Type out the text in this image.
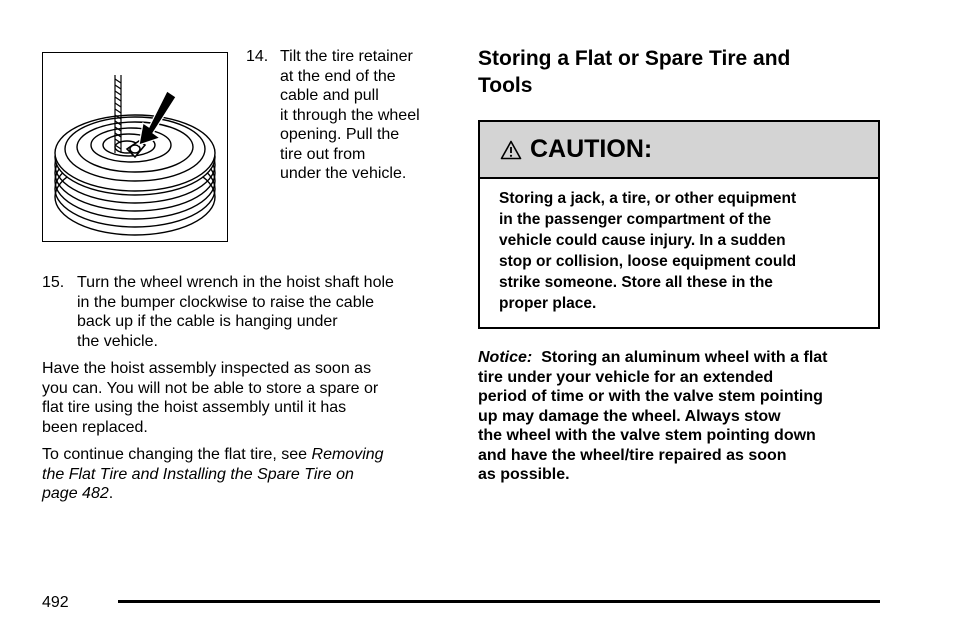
14. Tilt the tire retainer
at the end of the
cable and pull
it through the wheel
opening. Pull the
tire out from
under the vehicle.
15. Turn the wheel wrench in the hoist shaft hole
in the bumper clockwise to raise the cable
back up if the cable is hanging under
the vehicle.
Have the hoist assembly inspected as soon as
you can. You will not be able to store a spare or
flat tire using the hoist assembly until it has
been replaced.
To continue changing the flat tire, see Removing
the Flat Tire and Installing the Spare Tire on
page 482.
Storing a Flat or Spare Tire and
Tools
CAUTION:
Storing a jack, a tire, or other equipment
in the passenger compartment of the
vehicle could cause injury. In a sudden
stop or collision, loose equipment could
strike someone. Store all these in the
proper place.
Notice: Storing an aluminum wheel with a flat
tire under your vehicle for an extended
period of time or with the valve stem pointing
up may damage the wheel. Always stow
the wheel with the valve stem pointing down
and have the wheel/tire repaired as soon
as possible.
492
